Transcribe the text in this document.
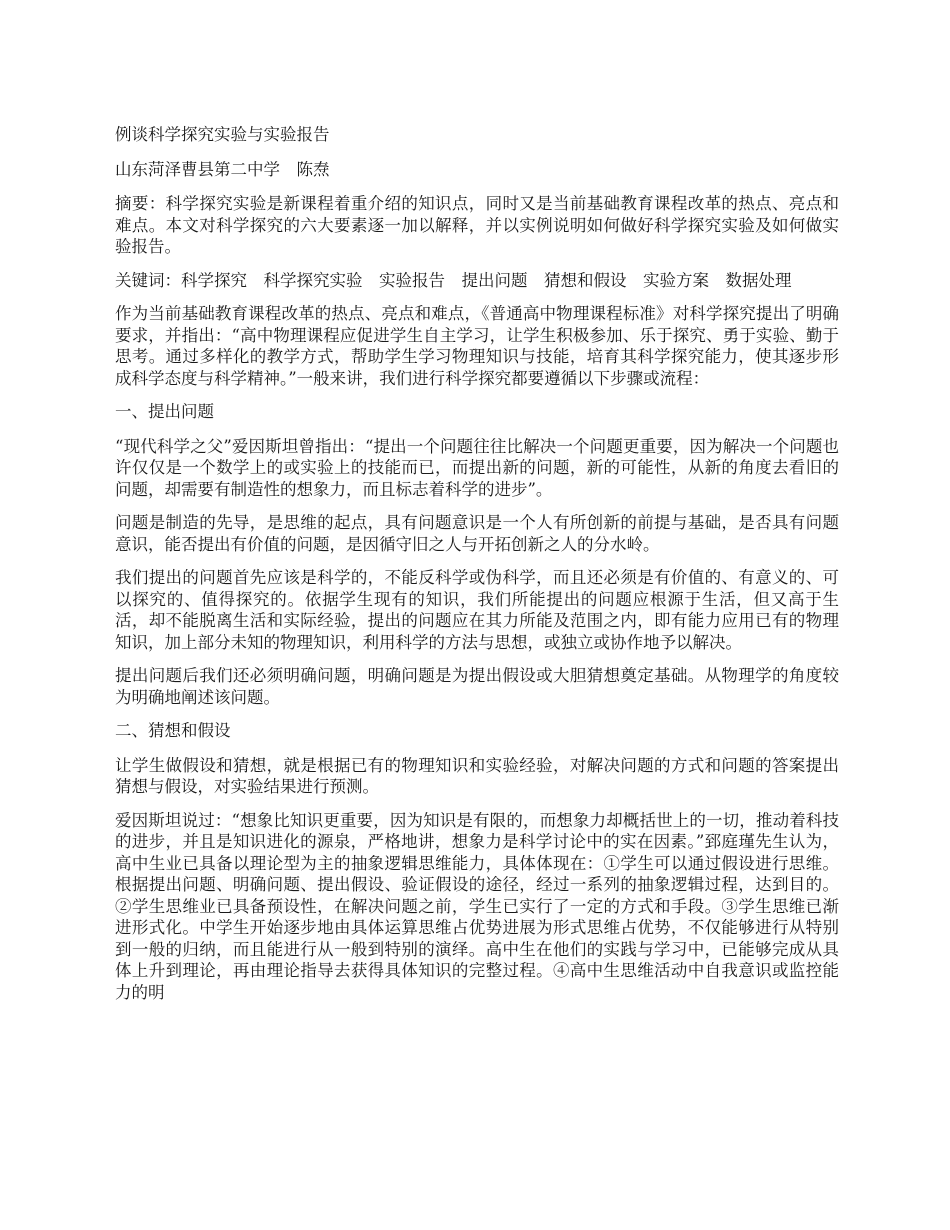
例谈科学探究实验与实验报告

山东菏泽曹县第二中学　陈焘

摘要：科学探究实验是新课程着重介绍的知识点，同时又是当前基础教育课程改革的热点、亮点和难点。本文对科学探究的六大要素逐一加以解释，并以实例说明如何做好科学探究实验及如何做实验报告。

关键词：科学探究　科学探究实验　实验报告　提出问题　猜想和假设　实验方案　数据处理

作为当前基础教育课程改革的热点、亮点和难点，《普通高中物理课程标准》对科学探究提出了明确要求，并指出：“高中物理课程应促进学生自主学习，让学生积极参加、乐于探究、勇于实验、勤于思考。通过多样化的教学方式，帮助学生学习物理知识与技能，培育其科学探究能力，使其逐步形成科学态度与科学精神。”一般来讲，我们进行科学探究都要遵循以下步骤或流程：

一、提出问题

“现代科学之父”爱因斯坦曾指出：“提出一个问题往往比解决一个问题更重要，因为解决一个问题也许仅仅是一个数学上的或实验上的技能而已，而提出新的问题，新的可能性，从新的角度去看旧的问题，却需要有制造性的想象力，而且标志着科学的进步”。

问题是制造的先导，是思维的起点，具有问题意识是一个人有所创新的前提与基础，是否具有问题意识，能否提出有价值的问题，是因循守旧之人与开拓创新之人的分水岭。

我们提出的问题首先应该是科学的，不能反科学或伪科学，而且还必须是有价值的、有意义的、可以探究的、值得探究的。依据学生现有的知识，我们所能提出的问题应根源于生活，但又高于生活，却不能脱离生活和实际经验，提出的问题应在其力所能及范围之内，即有能力应用已有的物理知识，加上部分未知的物理知识，利用科学的方法与思想，或独立或协作地予以解决。

提出问题后我们还必须明确问题，明确问题是为提出假设或大胆猜想奠定基础。从物理学的角度较为明确地阐述该问题。

二、猜想和假设

让学生做假设和猜想，就是根据已有的物理知识和实验经验，对解决问题的方式和问题的答案提出猜想与假设，对实验结果进行预测。

爱因斯坦说过：“想象比知识更重要，因为知识是有限的，而想象力却概括世上的一切，推动着科技的进步，并且是知识进化的源泉，严格地讲，想象力是科学讨论中的实在因素。”郅庭瑾先生认为，高中生业已具备以理论型为主的抽象逻辑思维能力，具体体现在：①学生可以通过假设进行思维。根据提出问题、明确问题、提出假设、验证假设的途径，经过一系列的抽象逻辑过程，达到目的。②学生思维业已具备预设性，在解决问题之前，学生已实行了一定的方式和手段。③学生思维已渐进形式化。中学生开始逐步地由具体运算思维占优势进展为形式思维占优势，不仅能够进行从特别到一般的归纳，而且能进行从一般到特别的演绎。高中生在他们的实践与学习中，已能够完成从具体上升到理论，再由理论指导去获得具体知识的完整过程。④高中生思维活动中自我意识或监控能力的明
